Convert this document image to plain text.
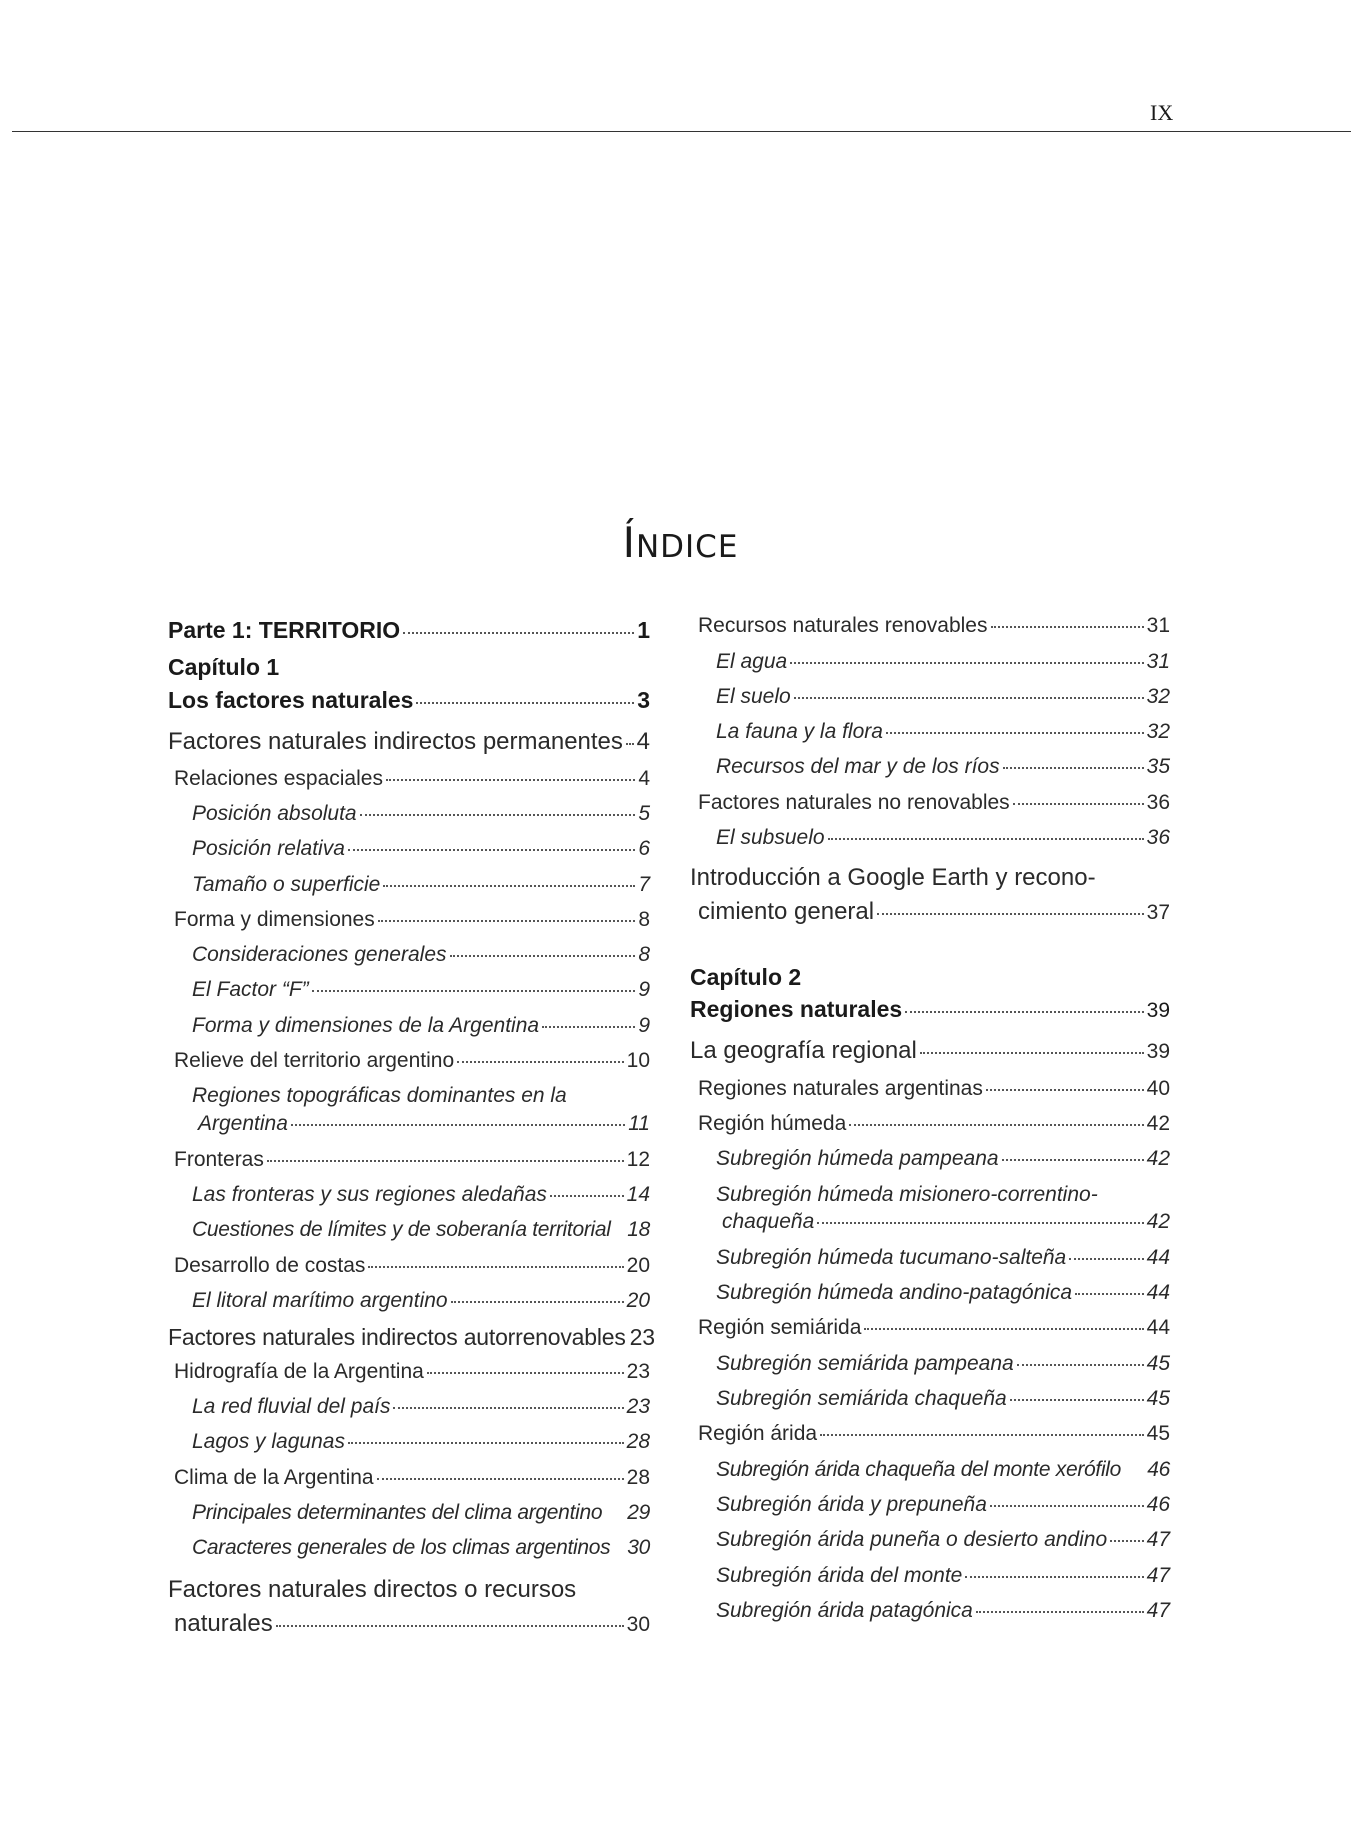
IX
ÍNDICE
Parte 1: TERRITORIO	1
Capítulo 1
Los factores naturales	3
Factores naturales indirectos permanentes 4
Relaciones espaciales	4
Posición absoluta	5
Posición relativa	6
Tamaño o superficie	7
Forma y dimensiones	8
Consideraciones generales	8
El Factor “F”	9
Forma y dimensiones de la Argentina	9
Relieve del territorio argentino	10
Regiones topográficas dominantes en la
Argentina	11
Fronteras	12
Las fronteras y sus regiones aledañas	14
Cuestiones de límites y de soberanía territorial 18
Desarrollo de costas	20
El litoral marítimo argentino	20
Factores naturales indirectos autorrenovables 23
Hidrografía de la Argentina	23
La red fluvial del país	23
Lagos y lagunas	28
Clima de la Argentina	28
Principales determinantes del clima argentino 29
Caracteres generales de los climas argentinos 30
Factores naturales directos o recursos
naturales	30
Recursos naturales renovables	31
El agua	31
El suelo	32
La fauna y la flora	32
Recursos del mar y de los ríos	35
Factores naturales no renovables	36
El subsuelo	36
Introducción a Google Earth y recono-
cimiento general	37
Capítulo 2
Regiones naturales	39
La geografía regional	39
Regiones naturales argentinas	40
Región húmeda	42
Subregión húmeda pampeana	42
Subregión húmeda misionero-correntino-
chaqueña	42
Subregión húmeda tucumano-salteña	44
Subregión húmeda andino-patagónica	44
Región semiárida	44
Subregión semiárida pampeana	45
Subregión semiárida chaqueña	45
Región árida	45
Subregión árida chaqueña del monte xerófilo 46
Subregión árida y prepuneña	46
Subregión árida puneña o desierto andino 47
Subregión árida del monte	47
Subregión árida patagónica	47
